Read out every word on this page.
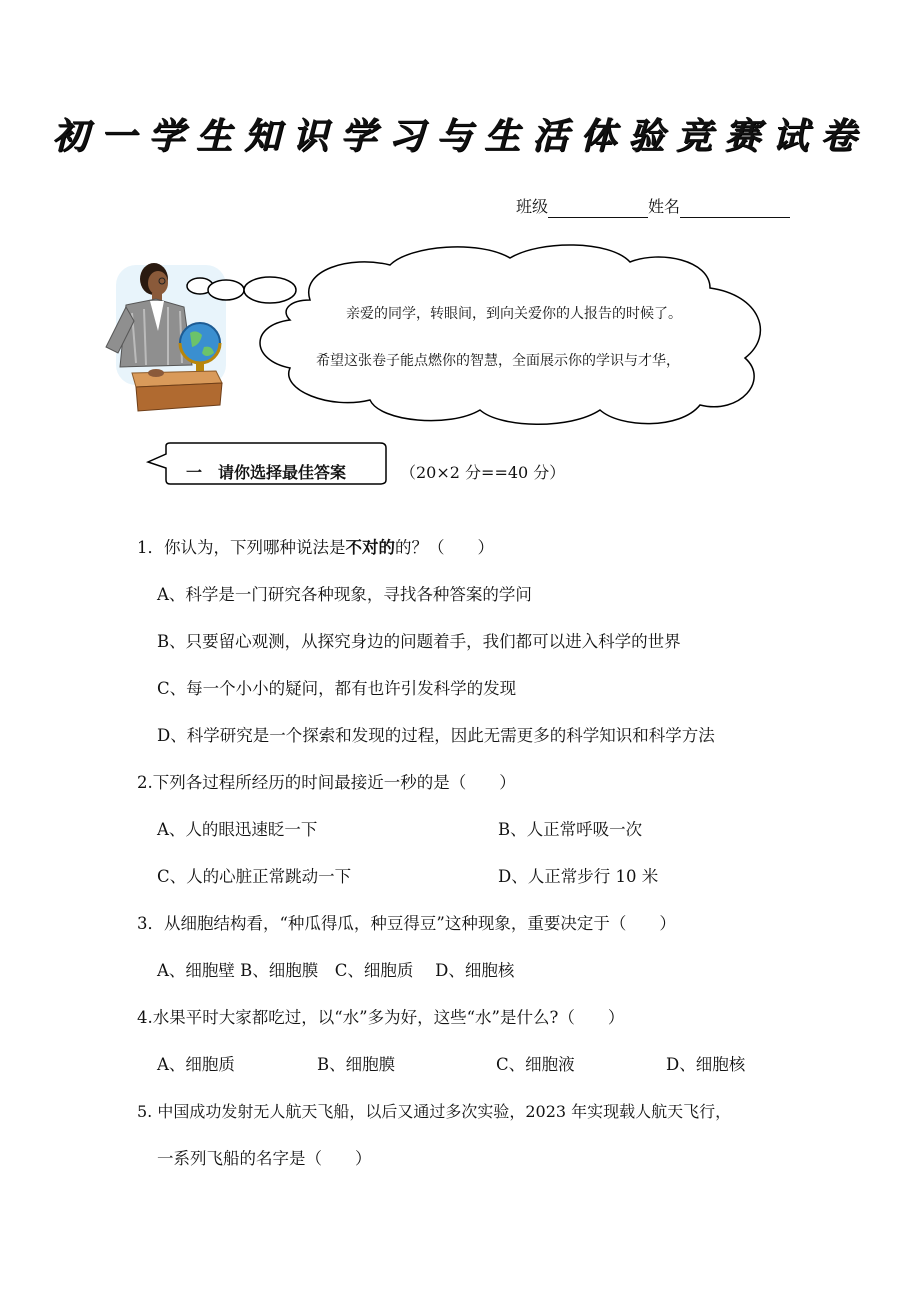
初一学生知识学习与生活体验竞赛试卷
班级	姓名
亲爱的同学，转眼间，到向关爱你的人报告的时候了。
希望这张卷子能点燃你的智慧，全面展示你的学识与才华，
一　请你选择最佳答案	（20×2 分==40 分）
1．你认为，下列哪种说法是不对的的？（　　）
A、科学是一门研究各种现象，寻找各种答案的学问
B、只要留心观测，从探究身边的问题着手，我们都可以进入科学的世界
C、每一个小小的疑问，都有也许引发科学的发现
D、科学研究是一个探索和发现的过程，因此无需更多的科学知识和科学方法
2.下列各过程所经历的时间最接近一秒的是（　　）
A、人的眼迅速眨一下	B、人正常呼吸一次
C、人的心脏正常跳动一下	D、人正常步行 10 米
3．从细胞结构看，“种瓜得瓜，种豆得豆”这种现象，重要决定于（　　）
A、细胞壁 B、细胞膜　C、细胞质　 D、细胞核
4.水果平时大家都吃过，以“水”多为好，这些“水”是什么?（　　）
A、细胞质	B、细胞膜	C、细胞液	D、细胞核
5. 中国成功发射无人航天飞船，以后又通过多次实验，2023 年实现载人航天飞行，
一系列飞船的名字是（　　）
